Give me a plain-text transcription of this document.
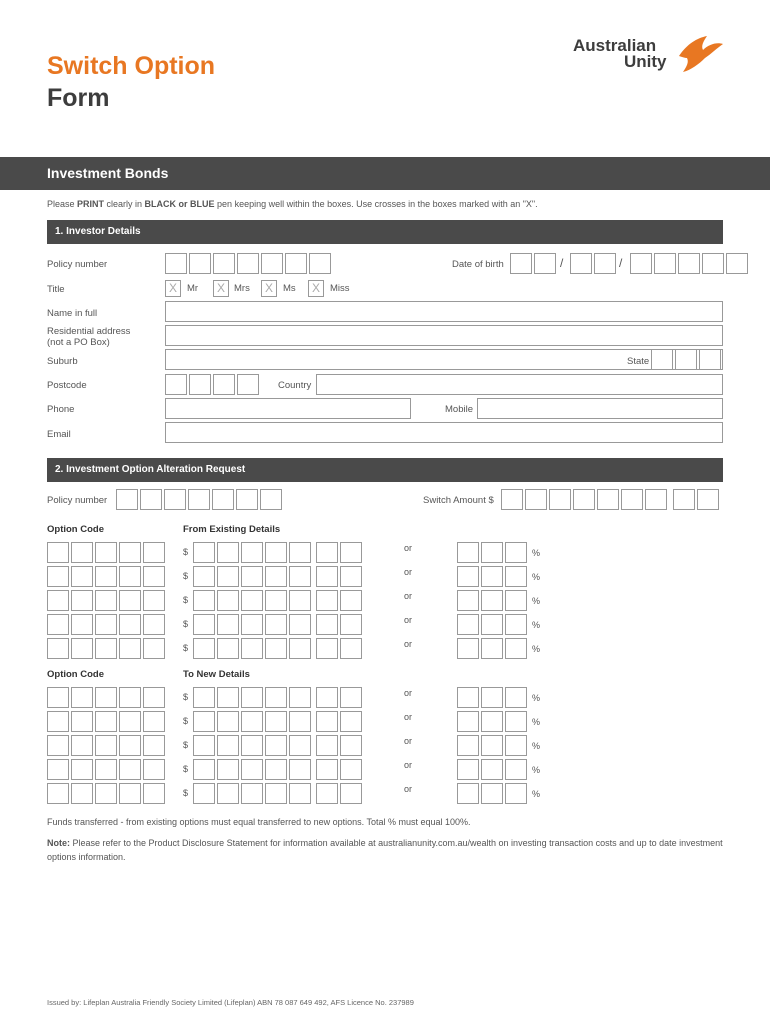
Switch Option
Form
Australian
Unity
Investment Bonds
Please PRINT clearly in BLACK or BLUE pen keeping well within the boxes. Use crosses in the boxes marked with an "X".
1. Investor Details
Policy number	Date of birth	/	/
Title	X	Mr	X Mrs	X	Ms	X	Miss
Name in full
Residential address
(not a PO Box)
Suburb	State
Postcode	Country
Phone	Mobile
Email
2. Investment Option Alteration Request
Policy number	Switch Amount $
Option Code	From Existing Details
$	or	%
$	or	%
$	or	%
$	or	%
$	or	%
Option Code	To New Details
$	or	%
$	or	%
$	or	%
$	or	%
$	or	%
Funds transferred - from existing options must equal transferred to new options. Total % must equal 100%.
Note: Please refer to the Product Disclosure Statement for information available at australianunity.com.au/wealth on investing transaction costs and up to date investment options information.
Issued by: Lifeplan Australia Friendly Society Limited (Lifeplan) ABN 78 087 649 492, AFS Licence No. 237989
